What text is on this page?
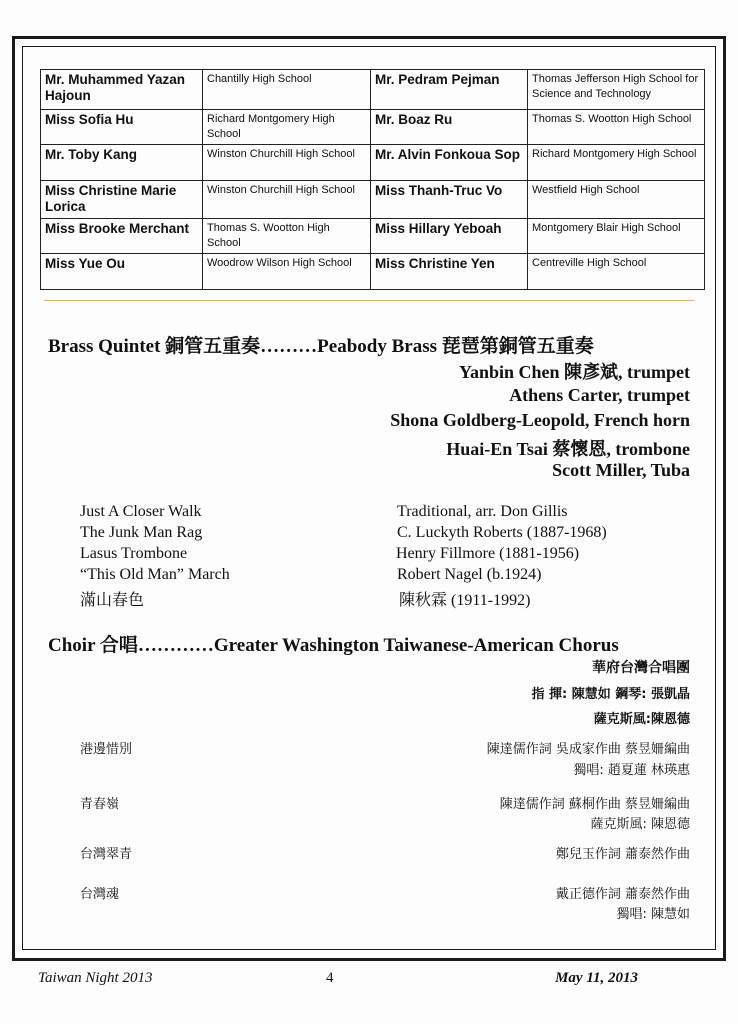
Mr. Muhammed Yazan Hajoun	Chantilly High School	Mr. Pedram Pejman	Thomas Jefferson High School for Science and Technology
Miss Sofia Hu	Richard Montgomery High School	Mr. Boaz Ru	Thomas S. Wootton High School
Mr. Toby Kang	Winston Churchill High School	Mr. Alvin Fonkoua Sop	Richard Montgomery High School
Miss Christine Marie Lorica	Winston Churchill High School	Miss Thanh-Truc Vo	Westfield High School
Miss Brooke Merchant	Thomas S. Wootton High School	Miss Hillary Yeboah	Montgomery Blair High School
Miss Yue Ou	Woodrow Wilson High School	Miss Christine Yen	Centreville High School
Brass Quintet 銅管五重奏………Peabody Brass 琵琶第銅管五重奏
Yanbin Chen 陳彥斌, trumpet
Athens Carter, trumpet
Shona Goldberg-Leopold, French horn
Huai-En Tsai 蔡懷恩, trombone
Scott Miller, Tuba
Just A Closer Walk	Traditional, arr. Don Gillis
The Junk Man Rag	C. Luckyth Roberts (1887-1968)
Lasus Trombone	Henry Fillmore (1881-1956)
“This Old Man” March	Robert Nagel (b.1924)
滿山春色	陳秋霖 (1911-1992)
Choir 合唱…………Greater Washington Taiwanese-American Chorus
華府台灣合唱團
指 揮: 陳慧如 鋼琴: 張凱晶
薩克斯風:陳恩德
港邊惜別	陳達儒作詞 吳成家作曲 蔡昱姍編曲
獨唱: 趙夏蓮 林瑛惠
青春嶺	陳達儒作詞 蘇桐作曲 蔡昱姍編曲
薩克斯風: 陳恩德
台灣翠青	鄭兒玉作詞 蕭泰然作曲
台灣魂	戴正德作詞 蕭泰然作曲
獨唱: 陳慧如
Taiwan Night 2013	4	May 11, 2013
